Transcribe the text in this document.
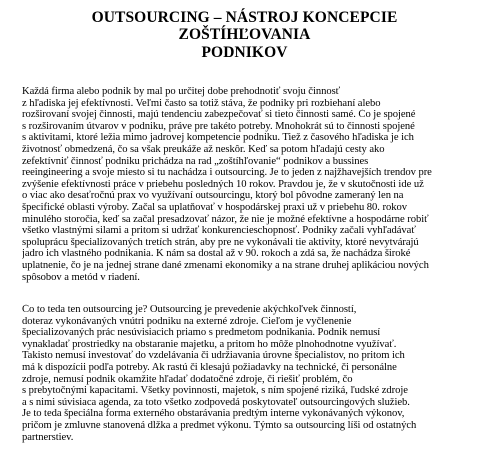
OUTSOURCING – NÁSTROJ KONCEPCIE
ZOŠTÍHĽOVANIA
PODNIKOV
Každá firma alebo podnik by mal po určitej dobe prehodnotiť svoju činnosť
z hľadiska jej efektívnosti. Veľmi často sa totiž stáva, že podniky pri rozbiehaní alebo
rozširovaní svojej činnosti, majú tendenciu zabezpečovať si tieto činnosti samé. Čo je spojené
s rozširovaním útvarov v podniku, práve pre takéto potreby. Mnohokrát sú to činnosti spojené
s aktivitami, ktoré ležia mimo jadrovej kompetencie podniku. Tiež z časového hľadiska je ich
životnosť obmedzená, čo sa však preukáže až neskôr. Keď sa potom hľadajú cesty ako
zefektívniť činnosť podniku prichádza na rad „zoštíhľovanie“ podnikov a bussines
reeingineering a svoje miesto si tu nachádza i outsourcing. Je to jeden z najžhavejších trendov pre
zvýšenie efektívnosti práce v priebehu posledných 10 rokov. Pravdou je, že v skutočnosti ide už
o viac ako desaťročnú prax vo využívaní outsourcingu, ktorý bol pôvodne zameraný len na
špecifické oblasti výroby. Začal sa uplatňovať v hospodárskej praxi už v priebehu 80. rokov
minulého storočia, keď sa začal presadzovať názor, že nie je možné efektívne a hospodárne robiť
všetko vlastnými silami a pritom si udržať konkurencieschopnosť. Podniky začali vyhľadávať
spoluprácu špecializovaných tretích strán, aby pre ne vykonávali tie aktivity, ktoré nevytvárajú
jadro ich vlastného podnikania. K nám sa dostal až v 90. rokoch a zdá sa, že nachádza široké
uplatnenie, čo je na jednej strane dané zmenami ekonomiky a na strane druhej aplikáciou nových
spôsobov a metód v riadení.
Čo to teda ten outsourcing je? Outsourcing je prevedenie akýchkoľvek činností,
doteraz vykonávaných vnútri podniku na externé zdroje. Cieľom je vyčlenenie
špecializovaných prác nesúvisiacich priamo s predmetom podnikania. Podnik nemusí
vynakladať prostriedky na obstaranie majetku, a pritom ho môže plnohodnotne využívať.
Takisto nemusí investovať do vzdelávania či udržiavania úrovne špecialistov, no pritom ich
má k dispozícii podľa potreby. Ak rastú či klesajú požiadavky na technické, či personálne
zdroje, nemusí podnik okamžite hľadať dodatočné zdroje, či riešiť problém, čo
s prebytočnými kapacitami. Všetky povinnosti, majetok, s ním spojené riziká, ľudské zdroje
a s nimi súvisiaca agenda, za toto všetko zodpovedá poskytovateľ outsourcingových služieb.
Je to teda špeciálna forma externého obstarávania predtým interne vykonávaných výkonov,
pričom je zmluvne stanovená dĺžka a predmet výkonu. Týmto sa outsourcing líši od ostatných
partnerstiev.
